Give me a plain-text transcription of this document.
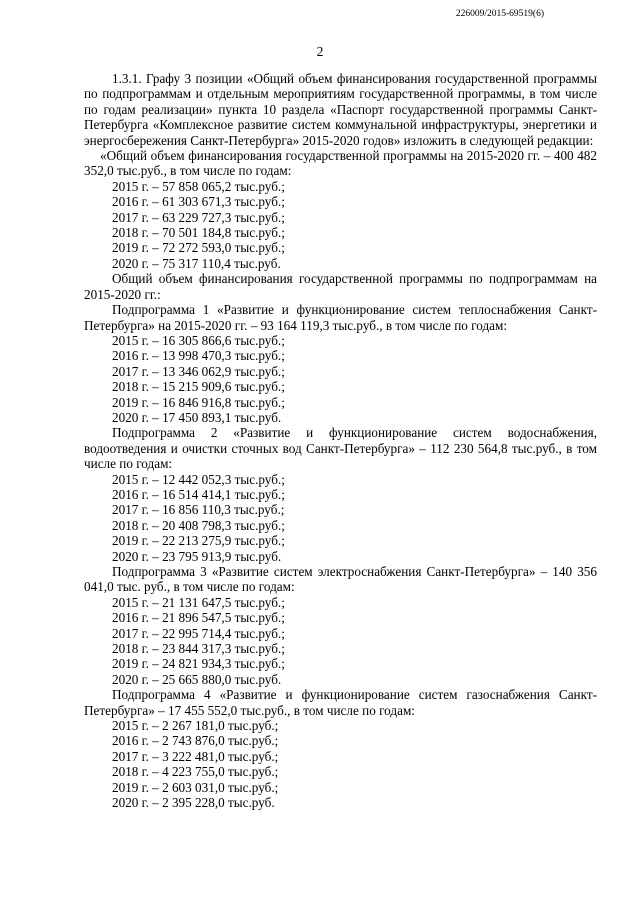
226009/2015-69519(6)
2
1.3.1. Графу 3 позиции «Общий объем финансирования государственной программы по подпрограммам и отдельным мероприятиям государственной программы, в том числе по годам реализации» пункта 10 раздела «Паспорт государственной программы Санкт-Петербурга «Комплексное развитие систем коммунальной инфраструктуры, энергетики и энергосбережения Санкт-Петербурга» 2015-2020 годов» изложить в следующей редакции:
«Общий объем финансирования государственной программы на 2015-2020 гг. – 400 482 352,0 тыс.руб., в том числе по годам:
2015 г. – 57 858 065,2 тыс.руб.;
2016 г. – 61 303 671,3 тыс.руб.;
2017 г. – 63 229 727,3 тыс.руб.;
2018 г. – 70 501 184,8 тыс.руб.;
2019 г. – 72 272 593,0 тыс.руб.;
2020 г. – 75 317 110,4 тыс.руб.
Общий объем финансирования государственной программы по подпрограммам на 2015-2020 гг.:
Подпрограмма 1 «Развитие и функционирование систем теплоснабжения Санкт-Петербурга» на 2015-2020 гг. – 93 164 119,3 тыс.руб., в том числе по годам:
2015 г. – 16 305 866,6 тыс.руб.;
2016 г. – 13 998 470,3 тыс.руб.;
2017 г. – 13 346 062,9 тыс.руб.;
2018 г. – 15 215 909,6 тыс.руб.;
2019 г. – 16 846 916,8 тыс.руб.;
2020 г. – 17 450 893,1 тыс.руб.
Подпрограмма 2 «Развитие и функционирование систем водоснабжения, водоотведения и очистки сточных вод Санкт-Петербурга» – 112 230 564,8 тыс.руб., в том числе по годам:
2015 г. – 12 442 052,3 тыс.руб.;
2016 г. – 16 514 414,1 тыс.руб.;
2017 г. – 16 856 110,3 тыс.руб.;
2018 г. – 20 408 798,3 тыс.руб.;
2019 г. – 22 213 275,9 тыс.руб.;
2020 г. – 23 795 913,9 тыс.руб.
Подпрограмма 3 «Развитие систем электроснабжения Санкт-Петербурга» – 140 356 041,0 тыс. руб., в том числе по годам:
2015 г. – 21 131 647,5 тыс.руб.;
2016 г. – 21 896 547,5 тыс.руб.;
2017 г. – 22 995 714,4 тыс.руб.;
2018 г. – 23 844 317,3 тыс.руб.;
2019 г. – 24 821 934,3 тыс.руб.;
2020 г. – 25 665 880,0 тыс.руб.
Подпрограмма 4 «Развитие и функционирование систем газоснабжения Санкт-Петербурга» – 17 455 552,0 тыс.руб., в том числе по годам:
2015 г. – 2 267 181,0 тыс.руб.;
2016 г. – 2 743 876,0 тыс.руб.;
2017 г. – 3 222 481,0 тыс.руб.;
2018 г. – 4 223 755,0 тыс.руб.;
2019 г. – 2 603 031,0 тыс.руб.;
2020 г. – 2 395 228,0 тыс.руб.
